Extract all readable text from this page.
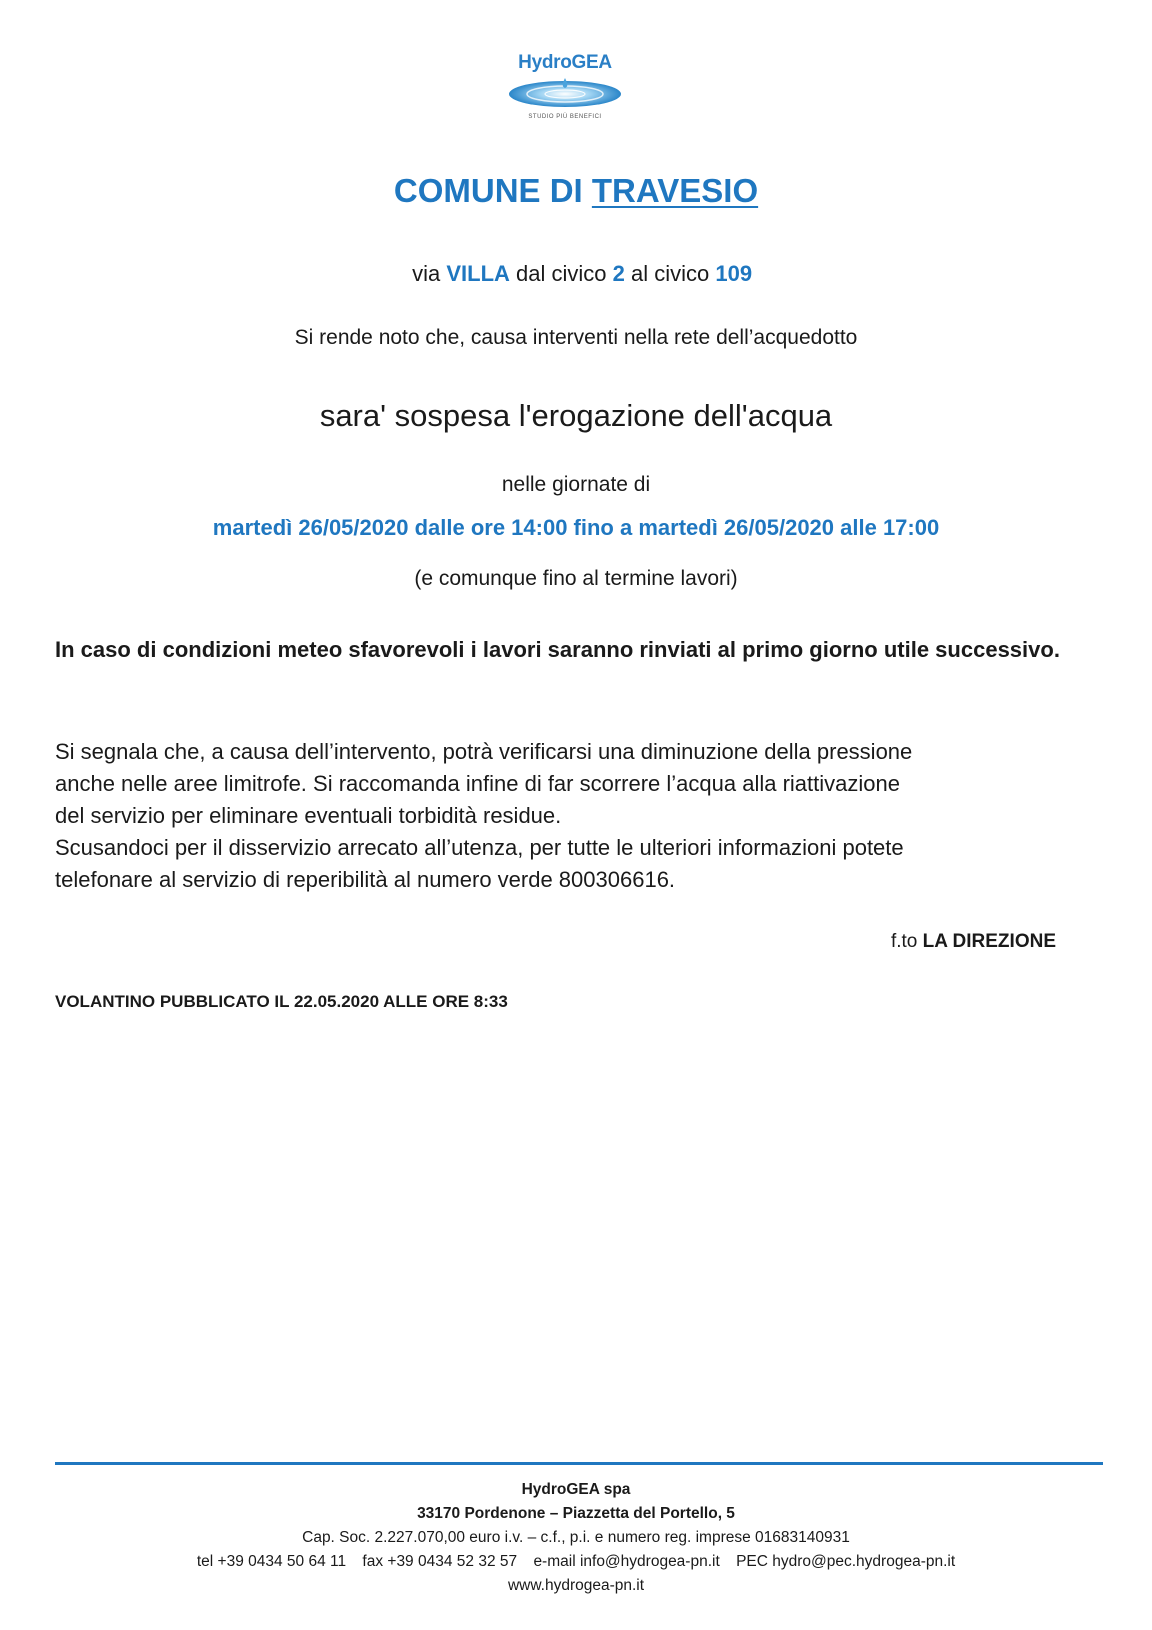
HydroGEA
STUDIO PIÙ BENEFICI
COMUNE DI TRAVESIO

via VILLA dal civico 2 al civico 109

Si rende noto che, causa interventi nella rete dell’acquedotto
sara' sospesa l'erogazione dell'acqua
nelle giornate di
martedì 26/05/2020 dalle ore 14:00 fino a martedì 26/05/2020 alle 17:00
(e comunque fino al termine lavori)
In caso di condizioni meteo sfavorevoli i lavori saranno rinviati al primo giorno utile successivo.
Si segnala che, a causa dell’intervento, potrà verificarsi una diminuzione della pressione
anche nelle aree limitrofe. Si raccomanda infine di far scorrere l’acqua alla riattivazione
del servizio per eliminare eventuali torbidità residue.
Scusandoci per il disservizio arrecato all’utenza, per tutte le ulteriori informazioni potete
telefonare al servizio di reperibilità al numero verde 800306616.
f.to LA DIREZIONE
VOLANTINO PUBBLICATO IL 22.05.2020 ALLE ORE 8:33
HydroGEA spa
33170 Pordenone – Piazzetta del Portello, 5
Cap. Soc. 2.227.070,00 euro i.v. – c.f., p.i. e numero reg. imprese 01683140931
tel +39 0434 50 64 11 fax +39 0434 52 32 57 e-mail info@hydrogea-pn.it PEC hydro@pec.hydrogea-pn.it
www.hydrogea-pn.it
